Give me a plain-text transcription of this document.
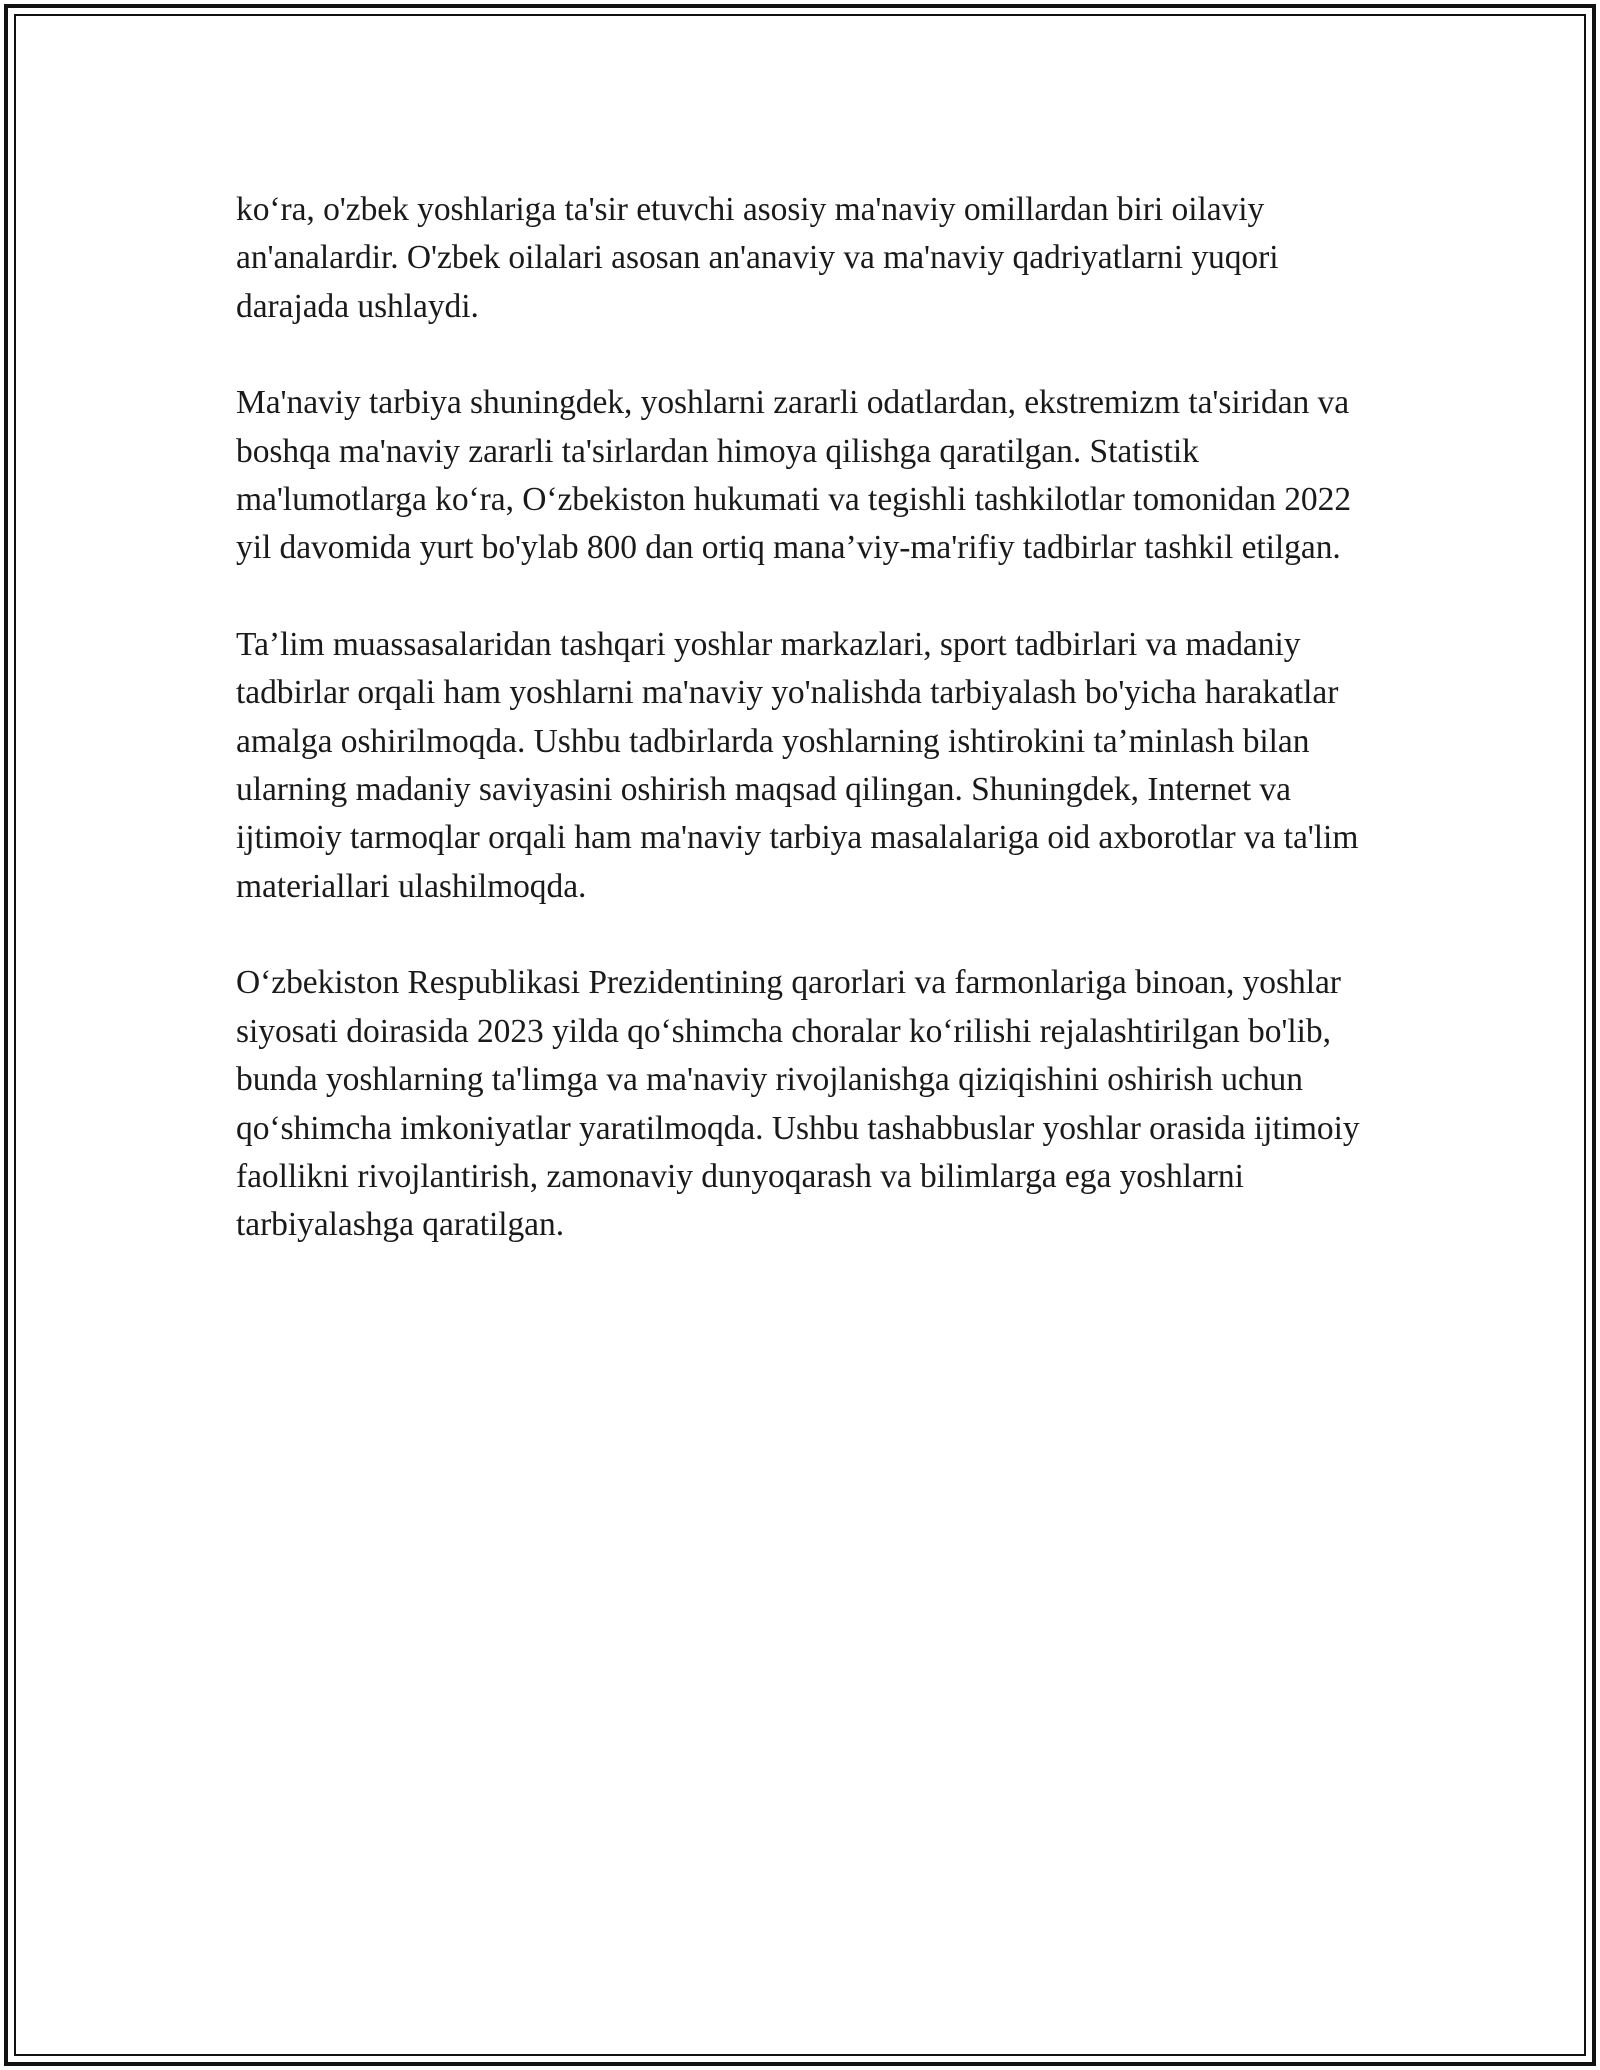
ko‘ra, o'zbek yoshlariga ta'sir etuvchi asosiy ma'naviy omillardan biri oilaviy an'analardir. O'zbek oilalari asosan an'anaviy va ma'naviy qadriyatlarni yuqori darajada ushlaydi.

Ma'naviy tarbiya shuningdek, yoshlarni zararli odatlardan, ekstremizm ta'siridan va boshqa ma'naviy zararli ta'sirlardan himoya qilishga qaratilgan. Statistik ma'lumotlarga ko‘ra, O‘zbekiston hukumati va tegishli tashkilotlar tomonidan 2022 yil davomida yurt bo'ylab 800 dan ortiq mana’viy-ma'rifiy tadbirlar tashkil etilgan.

Ta’lim muassasalaridan tashqari yoshlar markazlari, sport tadbirlari va madaniy tadbirlar orqali ham yoshlarni ma'naviy yo'nalishda tarbiyalash bo'yicha harakatlar amalga oshirilmoqda. Ushbu tadbirlarda yoshlarning ishtirokini ta’minlash bilan ularning madaniy saviyasini oshirish maqsad qilingan. Shuningdek, Internet va ijtimoiy tarmoqlar orqali ham ma'naviy tarbiya masalalariga oid axborotlar va ta'lim materiallari ulashilmoqda.

O‘zbekiston Respublikasi Prezidentining qarorlari va farmonlariga binoan, yoshlar siyosati doirasida 2023 yilda qo‘shimcha choralar ko‘rilishi rejalashtirilgan bo'lib, bunda yoshlarning ta'limga va ma'naviy rivojlanishga qiziqishini oshirish uchun qo‘shimcha imkoniyatlar yaratilmoqda. Ushbu tashabbuslar yoshlar orasida ijtimoiy faollikni rivojlantirish, zamonaviy dunyoqarash va bilimlarga ega yoshlarni tarbiyalashga qaratilgan.
